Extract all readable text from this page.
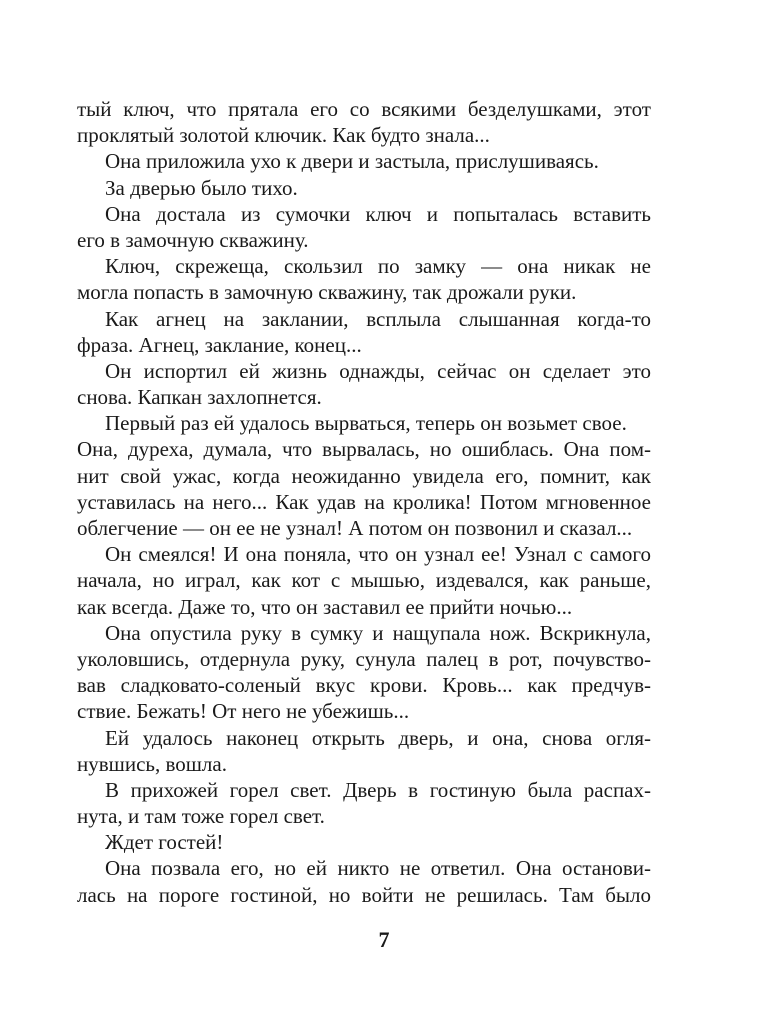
тый ключ, что прятала его со всякими безделушками, этот
проклятый золотой ключик. Как будто знала...
Она приложила ухо к двери и застыла, прислушиваясь.
За дверью было тихо.
Она достала из сумочки ключ и попыталась вставить
его в замочную скважину.
Ключ, скрежеща, скользил по замку — она никак не
могла попасть в замочную скважину, так дрожали руки.
Как агнец на заклании, всплыла слышанная когда-то
фраза. Агнец, заклание, конец...
Он испортил ей жизнь однажды, сейчас он сделает это
снова. Капкан захлопнется.
Первый раз ей удалось вырваться, теперь он возьмет свое.
Она, дуреха, думала, что вырвалась, но ошиблась. Она пом-
нит свой ужас, когда неожиданно увидела его, помнит, как
уставилась на него... Как удав на кролика! Потом мгновенное
облегчение — он ее не узнал! А потом он позвонил и сказал...
Он смеялся! И она поняла, что он узнал ее! Узнал с самого
начала, но играл, как кот с мышью, издевался, как раньше,
как всегда. Даже то, что он заставил ее прийти ночью...
Она опустила руку в сумку и нащупала нож. Вскрикнула,
уколовшись, отдернула руку, сунула палец в рот, почувство-
вав сладковато-соленый вкус крови. Кровь... как предчув-
ствие. Бежать! От него не убежишь...
Ей удалось наконец открыть дверь, и она, снова огля-
нувшись, вошла.
В прихожей горел свет. Дверь в гостиную была распах-
нута, и там тоже горел свет.
Ждет гостей!
Она позвала его, но ей никто не ответил. Она останови-
лась на пороге гостиной, но войти не решилась. Там было
7
